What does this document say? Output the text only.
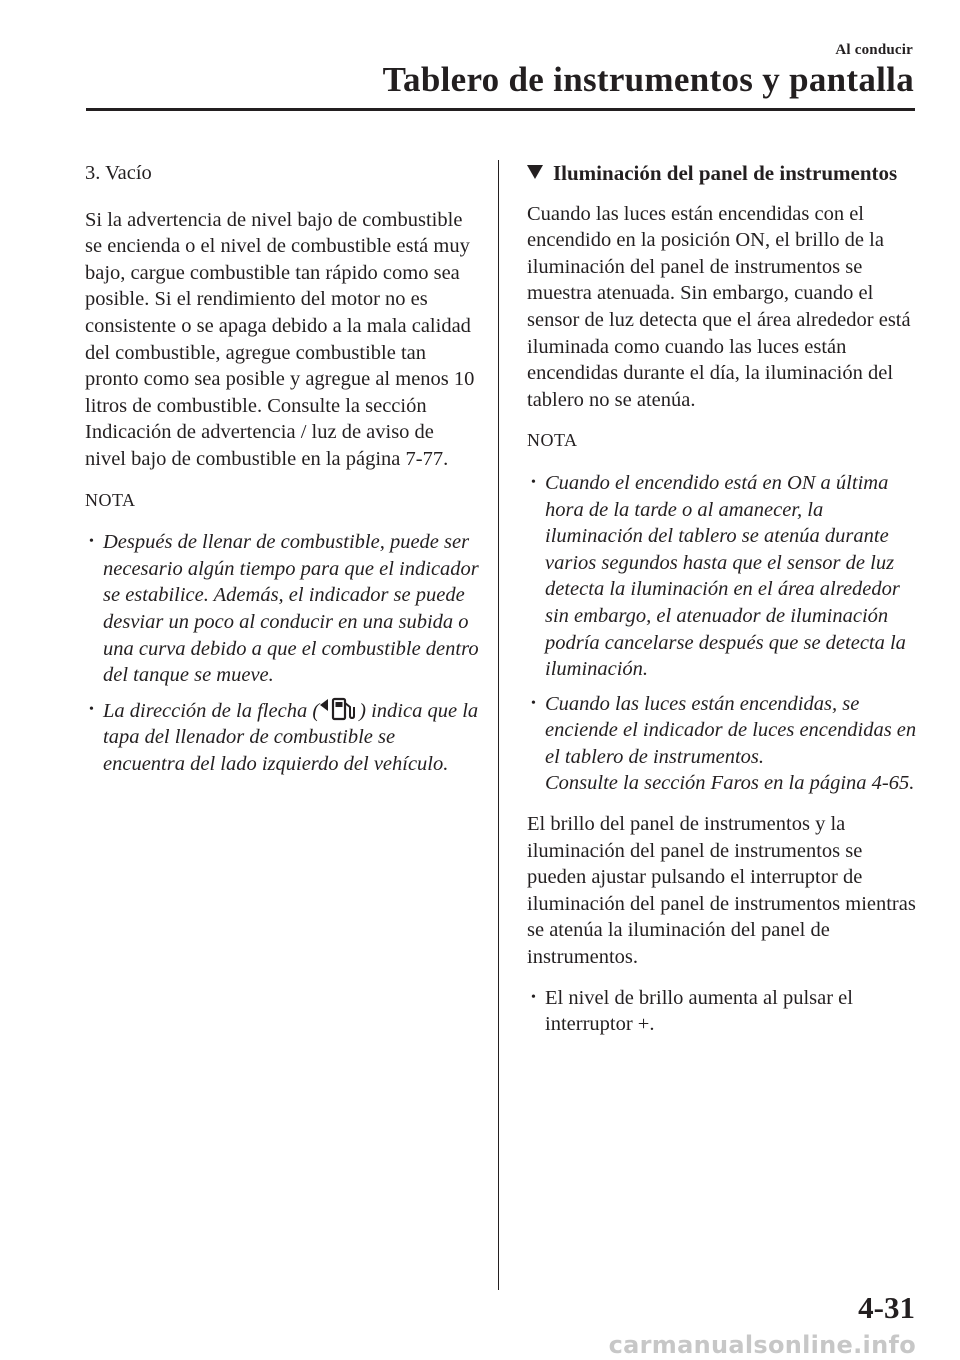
Al conducir
Tablero de instrumentos y pantalla

3. Vacío

Si la advertencia de nivel bajo de combustible se encienda o el nivel de combustible está muy bajo, cargue combustible tan rápido como sea posible. Si el rendimiento del motor no es consistente o se apaga debido a la mala calidad del combustible, agregue combustible tan pronto como sea posible y agregue al menos 10 litros de combustible. Consulte la sección Indicación de advertencia / luz de aviso de nivel bajo de combustible en la página 7-77.

NOTA

• Después de llenar de combustible, puede ser necesario algún tiempo para que el indicador se estabilice. Además, el indicador se puede desviar un poco al conducir en una subida o una curva debido a que el combustible dentro del tanque se mueve.
• La dirección de la flecha ( ) indica que la tapa del llenador de combustible se encuentra del lado izquierdo del vehículo.
Iluminación del panel de instrumentos

Cuando las luces están encendidas con el encendido en la posición ON, el brillo de la iluminación del panel de instrumentos se muestra atenuada. Sin embargo, cuando el sensor de luz detecta que el área alrededor está iluminada como cuando las luces están encendidas durante el día, la iluminación del tablero no se atenúa.

NOTA

• Cuando el encendido está en ON a última hora de la tarde o al amanecer, la iluminación del tablero se atenúa durante varios segundos hasta que el sensor de luz detecta la iluminación en el área alrededor sin embargo, el atenuador de iluminación podría cancelarse después que se detecta la iluminación.
• Cuando las luces están encendidas, se enciende el indicador de luces encendidas en el tablero de instrumentos.
Consulte la sección Faros en la página 4-65.

El brillo del panel de instrumentos y la iluminación del panel de instrumentos se pueden ajustar pulsando el interruptor de iluminación del panel de instrumentos mientras se atenúa la iluminación del panel de instrumentos.

• El nivel de brillo aumenta al pulsar el interruptor +.
4-31
carmanualsonline.info
